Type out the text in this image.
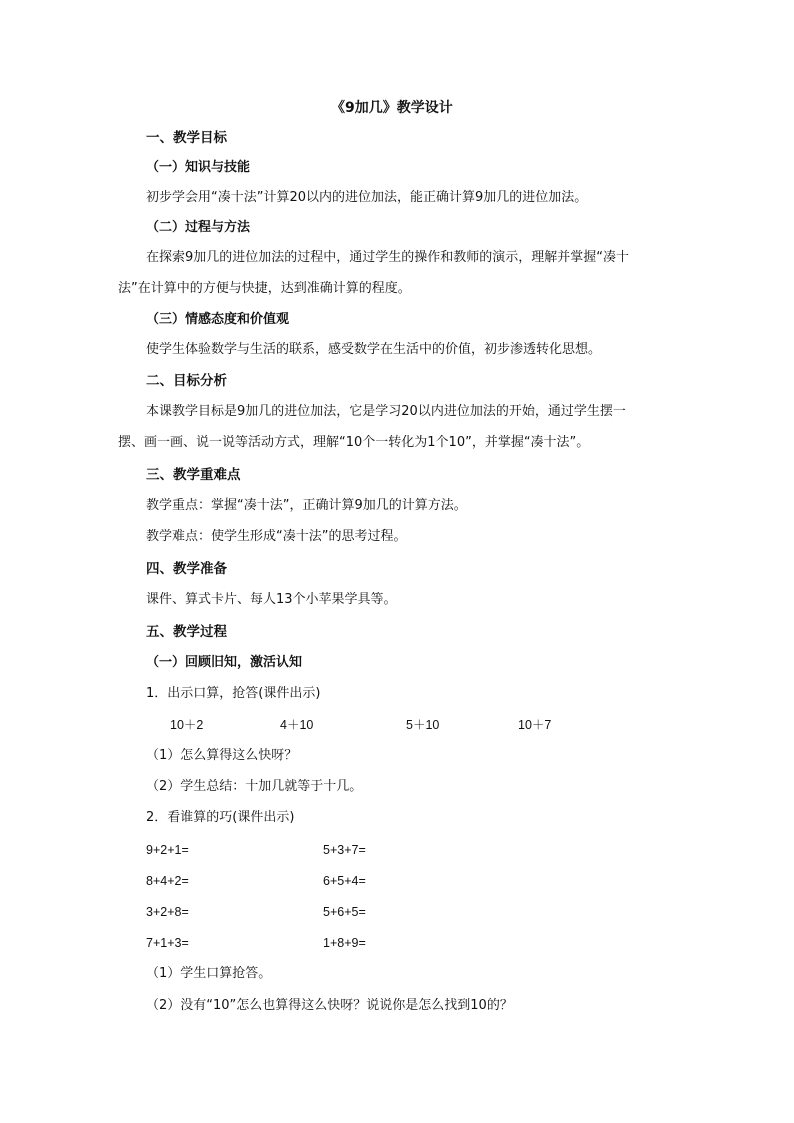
《9加几》教学设计
一、教学目标
（一）知识与技能
初步学会用“凑十法”计算20以内的进位加法，能正确计算9加几的进位加法。
（二）过程与方法
在探索9加几的进位加法的过程中，通过学生的操作和教师的演示，理解并掌握“凑十
法”在计算中的方便与快捷，达到准确计算的程度。
（三）情感态度和价值观
使学生体验数学与生活的联系，感受数学在生活中的价值，初步渗透转化思想。
二、目标分析
本课教学目标是9加几的进位加法，它是学习20以内进位加法的开始，通过学生摆一
摆、画一画、说一说等活动方式，理解“10个一转化为1个10”，并掌握“凑十法”。
三、教学重难点
教学重点：掌握“凑十法”，正确计算9加几的计算方法。
教学难点：使学生形成“凑十法”的思考过程。
四、教学准备
课件、算式卡片、每人13个小苹果学具等。
五、教学过程
（一）回顾旧知，激活认知
1．出示口算，抢答(课件出示)
10＋2	4＋10	5＋10	10＋7
（1）怎么算得这么快呀？
（2）学生总结：十加几就等于十几。
2．看谁算的巧(课件出示)
9+2+1=	5+3+7=
8+4+2=	6+5+4=
3+2+8=	5+6+5=
7+1+3=	1+8+9=
（1）学生口算抢答。
（2）没有“10”怎么也算得这么快呀？说说你是怎么找到10的？
